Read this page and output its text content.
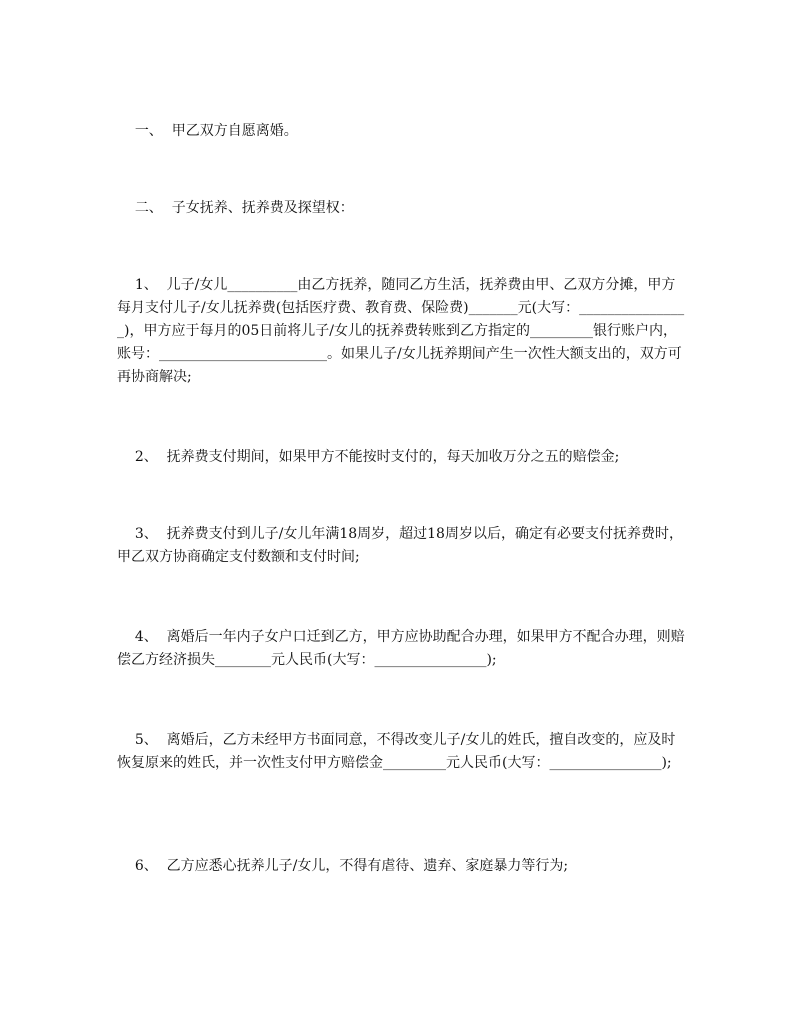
一、  甲乙双方自愿离婚。

二、  子女抚养、抚养费及探望权：

1、  儿子/女儿__________由乙方抚养，随同乙方生活，抚养费由甲、乙双方分摊，甲方每月支付儿子/女儿抚养费(包括医疗费、教育费、保险费)_______元(大写：________________)，甲方应于每月的05日前将儿子/女儿的抚养费转账到乙方指定的_________银行账户内，账号：________________________。如果儿子/女儿抚养期间产生一次性大额支出的，双方可再协商解决;

2、  抚养费支付期间，如果甲方不能按时支付的，每天加收万分之五的赔偿金;

3、  抚养费支付到儿子/女儿年满18周岁，超过18周岁以后，确定有必要支付抚养费时，甲乙双方协商确定支付数额和支付时间;

4、  离婚后一年内子女户口迁到乙方，甲方应协助配合办理，如果甲方不配合办理，则赔偿乙方经济损失________元人民币(大写：________________);

5、  离婚后，乙方未经甲方书面同意，不得改变儿子/女儿的姓氏，擅自改变的，应及时恢复原来的姓氏，并一次性支付甲方赔偿金_________元人民币(大写：________________);

6、  乙方应悉心抚养儿子/女儿，不得有虐待、遗弃、家庭暴力等行为;
